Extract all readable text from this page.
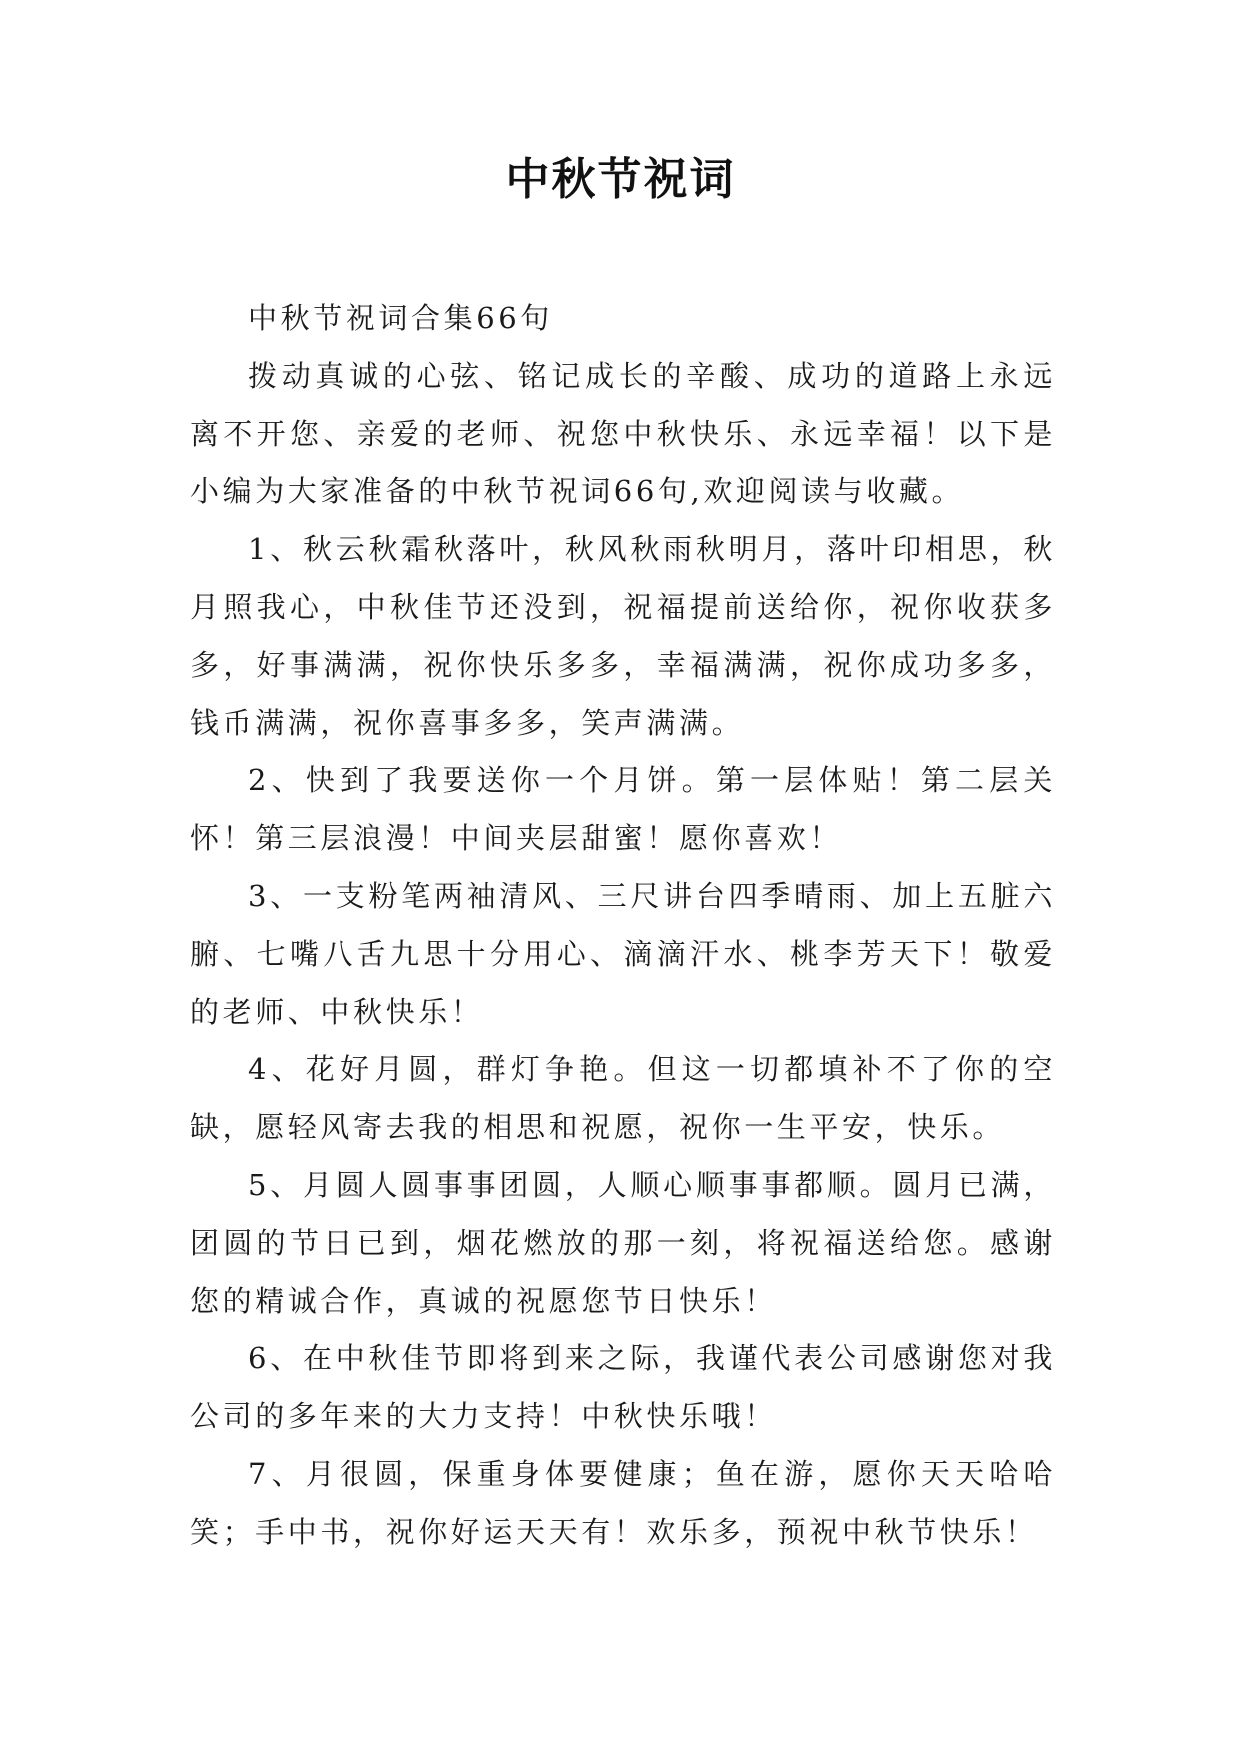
中秋节祝词

中秋节祝词合集66句

拨动真诚的心弦、铭记成长的辛酸、成功的道路上永远离不开您、亲爱的老师、祝您中秋快乐、永远幸福！以下是小编为大家准备的中秋节祝词66句,欢迎阅读与收藏。

1、秋云秋霜秋落叶，秋风秋雨秋明月，落叶印相思，秋月照我心，中秋佳节还没到，祝福提前送给你，祝你收获多多，好事满满，祝你快乐多多，幸福满满，祝你成功多多，钱币满满，祝你喜事多多，笑声满满。

2、快到了我要送你一个月饼。第一层体贴！第二层关怀！第三层浪漫！中间夹层甜蜜！愿你喜欢！

3、一支粉笔两袖清风、三尺讲台四季晴雨、加上五脏六腑、七嘴八舌九思十分用心、滴滴汗水、桃李芳天下！敬爱的老师、中秋快乐！

4、花好月圆，群灯争艳。但这一切都填补不了你的空缺，愿轻风寄去我的相思和祝愿，祝你一生平安，快乐。

5、月圆人圆事事团圆，人顺心顺事事都顺。圆月已满，团圆的节日已到，烟花燃放的那一刻，将祝福送给您。感谢您的精诚合作，真诚的祝愿您节日快乐！

6、在中秋佳节即将到来之际，我谨代表公司感谢您对我公司的多年来的大力支持！中秋快乐哦！

7、月很圆，保重身体要健康；鱼在游，愿你天天哈哈笑；手中书，祝你好运天天有！欢乐多，预祝中秋节快乐！
